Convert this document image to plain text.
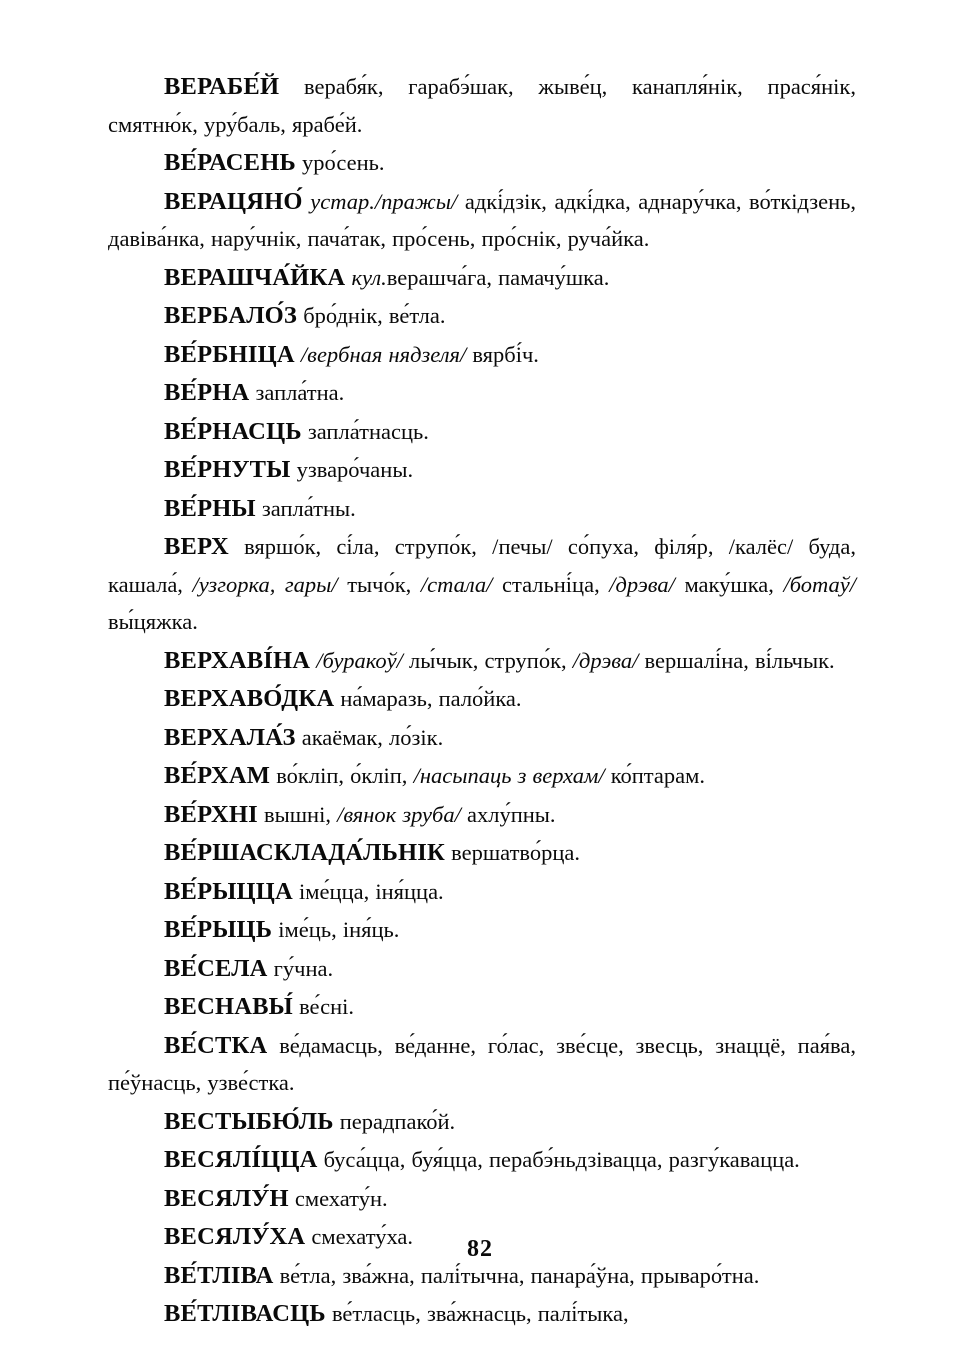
ВЕРАБЕ́Й верабя́к, гарабэ́шак, жыве́ц, канапля́нік, прася́нік, смятню́к, уру́баль, ярабе́й.

ВЕ́РАСЕНЬ уро́сень.

ВЕРАЦЯНО́ устар./пражы/ адкі́дзік, адкі́дка, аднару́чка, во́ткідзень, давіва́нка, нару́чнік, пача́так, про́сень, про́снік, руча́йка.

ВЕРАШЧА́ЙКА кул.верашча́га, памачу́шка.

ВЕРБАЛО́З бро́днік, ве́тла.

ВЕ́РБНІЦА /вербная нядзеля/ вярбі́ч.

ВЕ́РНА запла́тна.

ВЕ́РНАСЦЬ запла́тнасць.

ВЕ́РНУТЫ узваро́чаны.

ВЕ́РНЫ запла́тны.

ВЕРХ вяршо́к, сі́ла, струпо́к, /печы/ со́пуха, філя́р, /калёс/ буда, кашала́, /узгорка, гары/ тычо́к, /стала/ стальні́ца, /дрэва/ маку́шка, /ботаў/ вы́цяжка.

ВЕРХАВІ́НА /буракоў/ лы́чык, струпо́к, /дрэва/ вершалі́на, ві́льчык.

ВЕРХАВО́ДКА на́маразь, пало́йка.

ВЕРХАЛА́З акаёмак, ло́зік.

ВЕ́РХАМ во́кліп, о́кліп, /насыпаць з верхам/ ко́птарам.

ВЕ́РХНІ вышні, /вянок зруба/ ахлу́пны.

ВЕ́РШАСКЛАДА́ЛЬНІК вершатво́рца.

ВЕ́РЫЦЦА іме́цца, іня́цца.

ВЕ́РЫЦЬ іме́ць, іня́ць.

ВЕ́СЕЛА гу́чна.

ВЕСНАВЫ́ ве́сні.

ВЕ́СТКА ве́дамасць, ве́данне, го́лас, зве́сце, звесць, знаццё, пая́ва, пе́ўнасць, узве́стка.

ВЕСТЫБЮ́ЛЬ перадпако́й.

ВЕСЯЛІ́ЦЦА буса́цца, буя́цца, перабэ́ньдзівацца, разгу́кавацца.

ВЕСЯЛУ́Н смехату́н.

ВЕСЯЛУ́ХА смехату́ха.

ВЕ́ТЛІВА ве́тла, зва́жна, палі́тычна, панара́ўна, прываро́тна.

ВЕ́ТЛІВАСЦЬ ве́тласць, зва́жнасць, палі́тыка,

82
